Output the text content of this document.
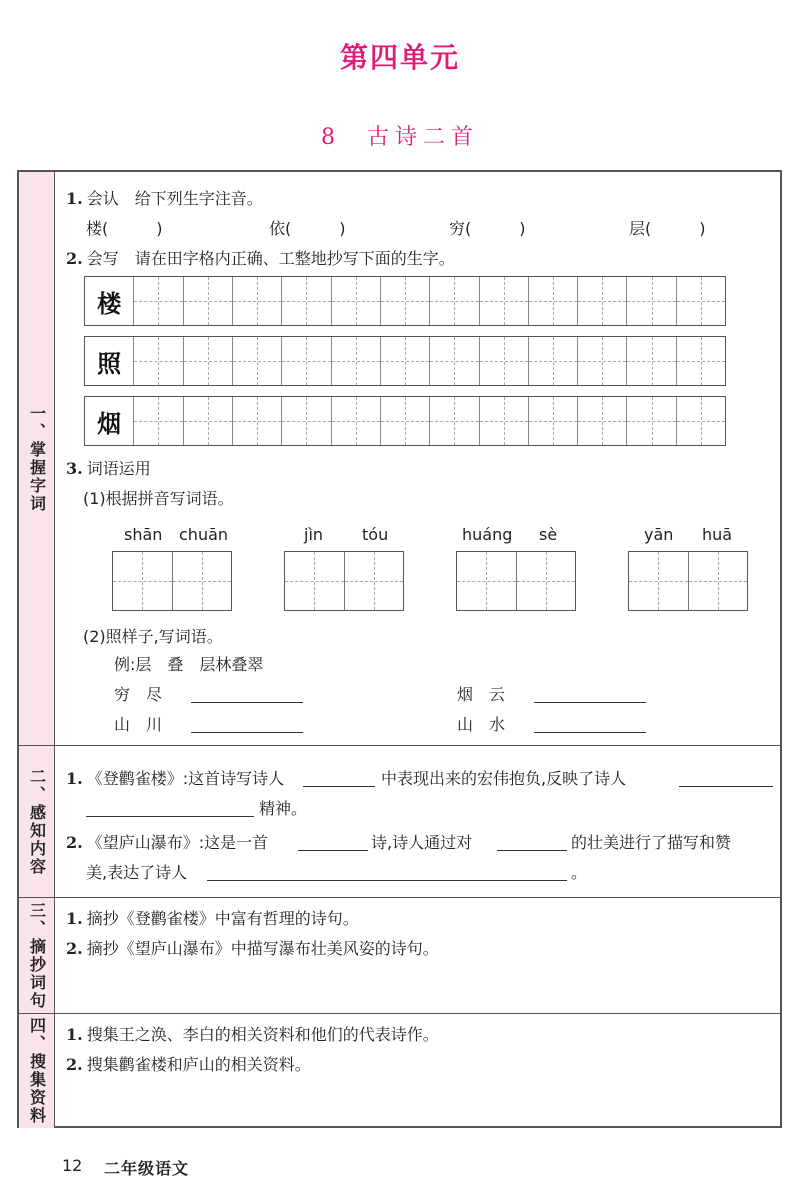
第四单元
8 古诗二首
一、掌握字词
1. 会认　给下列生字注音。
楼(　　　)	依(　　　)	穷(　　　)	层(　　　)
2. 会写　请在田字格内正确、工整地抄写下面的生字。
楼
照
烟
3. 词语运用
(1)根据拼音写词语。
shān chuān	jìn tóu	huáng sè	yān huā
(2)照样子,写词语。
例:层　叠　层林叠翠
穷　尽	烟　云
山　川	山　水
二、感知内容 1. 《登鹳雀楼》:这首诗写诗人	中表现出来的宏伟抱负,反映了诗人
精神。
2. 《望庐山瀑布》:这是一首	诗,诗人通过对	的壮美进行了描写和赞
美,表达了诗人	。
三、摘抄词句 1. 摘抄《登鹳雀楼》中富有哲理的诗句。
2. 摘抄《望庐山瀑布》中描写瀑布壮美风姿的诗句。
四、搜集资料 1. 搜集王之涣、李白的相关资料和他们的代表诗作。
2. 搜集鹳雀楼和庐山的相关资料。
12 二年级语文
